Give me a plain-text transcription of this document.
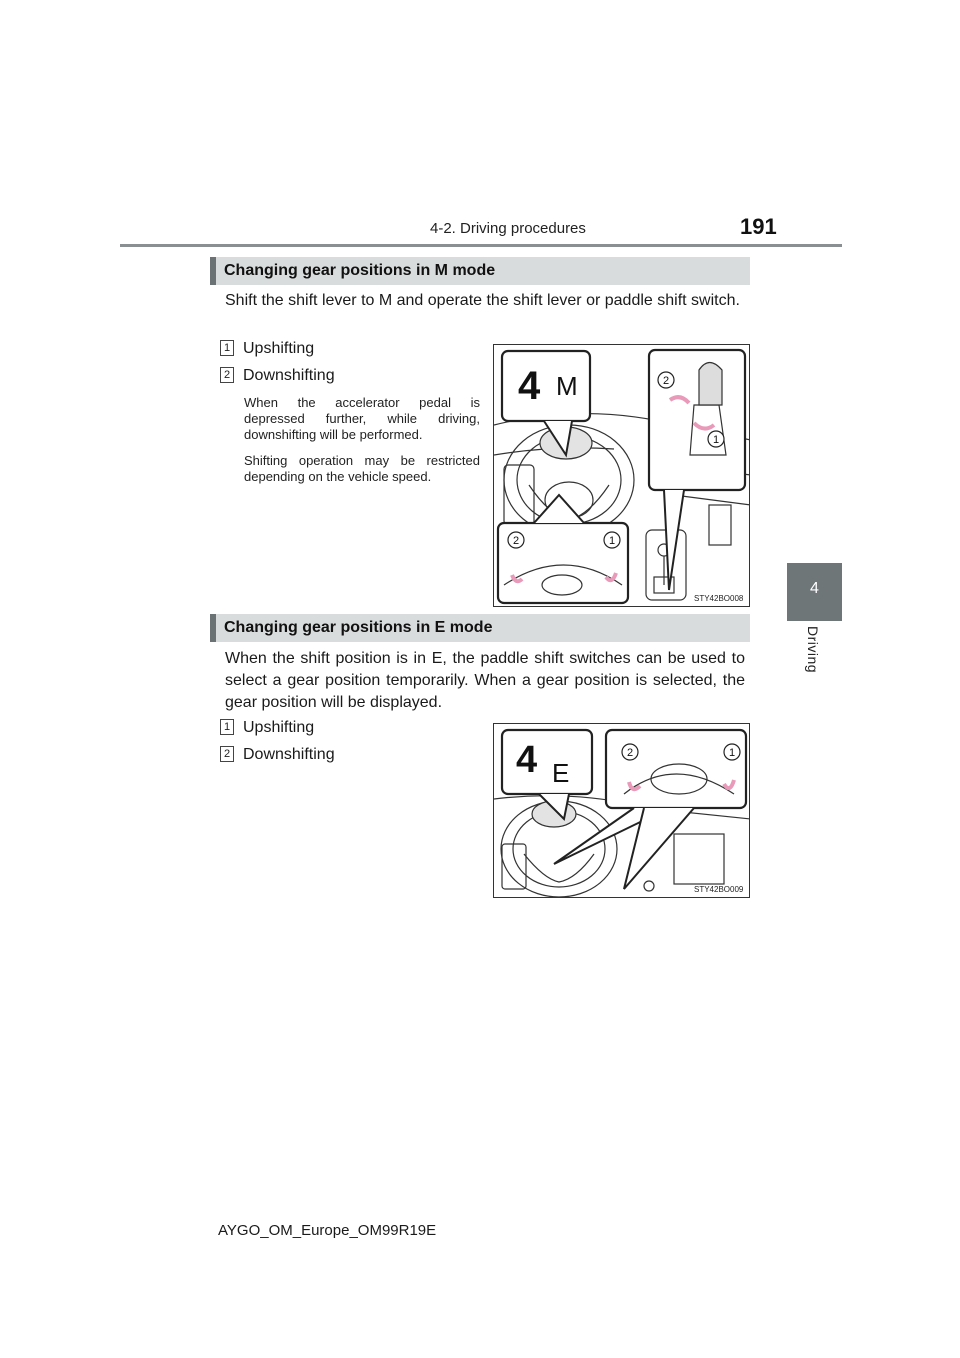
4-2. Driving procedures	191
4
Driving
Changing gear positions in M mode
Shift the shift lever to M and operate the shift lever or paddle shift switch.
1 Upshifting
2 Downshifting
When the accelerator pedal is depressed further, while driving, downshifting will be performed.
Shifting operation may be restricted depending on the vehicle speed.
4 M	2
1
2	1
STY42BO008
Changing gear positions in E mode
When the shift position is in E, the paddle shift switches can be used to select a gear position temporarily. When a gear position is selected, the gear position will be displayed.
1 Upshifting
2 Downshifting	4 E
2	1
STY42BO009
AYGO_OM_Europe_OM99R19E
